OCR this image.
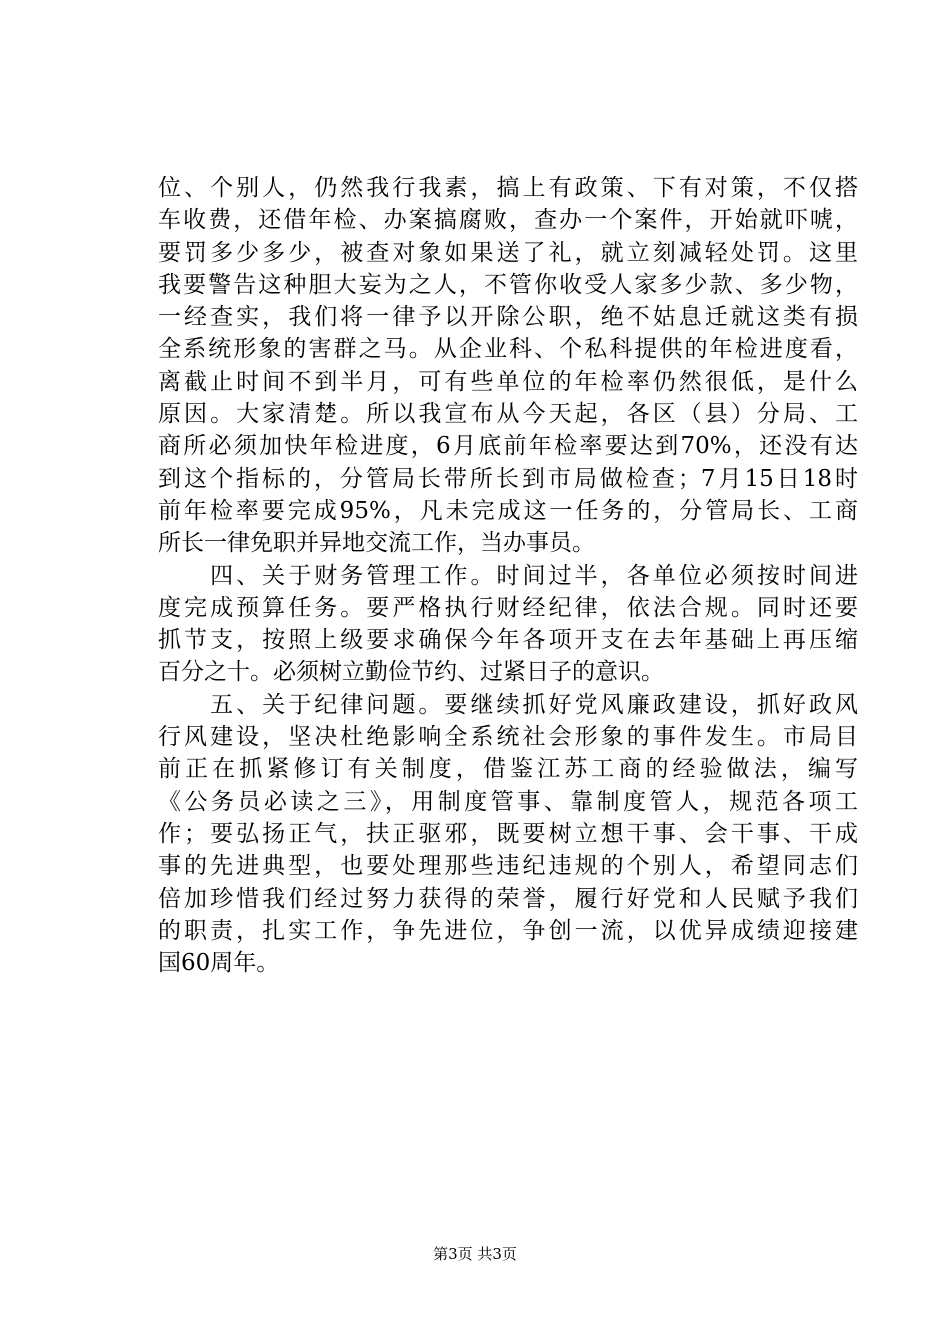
位、个别人，仍然我行我素，搞上有政策、下有对策，不仅搭
车收费，还借年检、办案搞腐败，查办一个案件，开始就吓唬，
要罚多少多少，被查对象如果送了礼，就立刻减轻处罚。这里
我要警告这种胆大妄为之人，不管你收受人家多少款、多少物，
一经查实，我们将一律予以开除公职，绝不姑息迁就这类有损
全系统形象的害群之马。从企业科、个私科提供的年检进度看，
离截止时间不到半月，可有些单位的年检率仍然很低，是什么
原因。大家清楚。所以我宣布从今天起，各区（县）分局、工
商所必须加快年检进度，6月底前年检率要达到70%，还没有达
到这个指标的，分管局长带所长到市局做检查；7月15日18时
前年检率要完成95%，凡未完成这一任务的，分管局长、工商
所长一律免职并异地交流工作，当办事员。
　　四、关于财务管理工作。时间过半，各单位必须按时间进
度完成预算任务。要严格执行财经纪律，依法合规。同时还要
抓节支，按照上级要求确保今年各项开支在去年基础上再压缩
百分之十。必须树立勤俭节约、过紧日子的意识。
　　五、关于纪律问题。要继续抓好党风廉政建设，抓好政风
行风建设，坚决杜绝影响全系统社会形象的事件发生。市局目
前正在抓紧修订有关制度，借鉴江苏工商的经验做法，编写
《公务员必读之三》，用制度管事、靠制度管人，规范各项工
作；要弘扬正气，扶正驱邪，既要树立想干事、会干事、干成
事的先进典型，也要处理那些违纪违规的个别人，希望同志们
倍加珍惜我们经过努力获得的荣誉，履行好党和人民赋予我们
的职责，扎实工作，争先进位，争创一流，以优异成绩迎接建
国60周年。
第3页 共3页
